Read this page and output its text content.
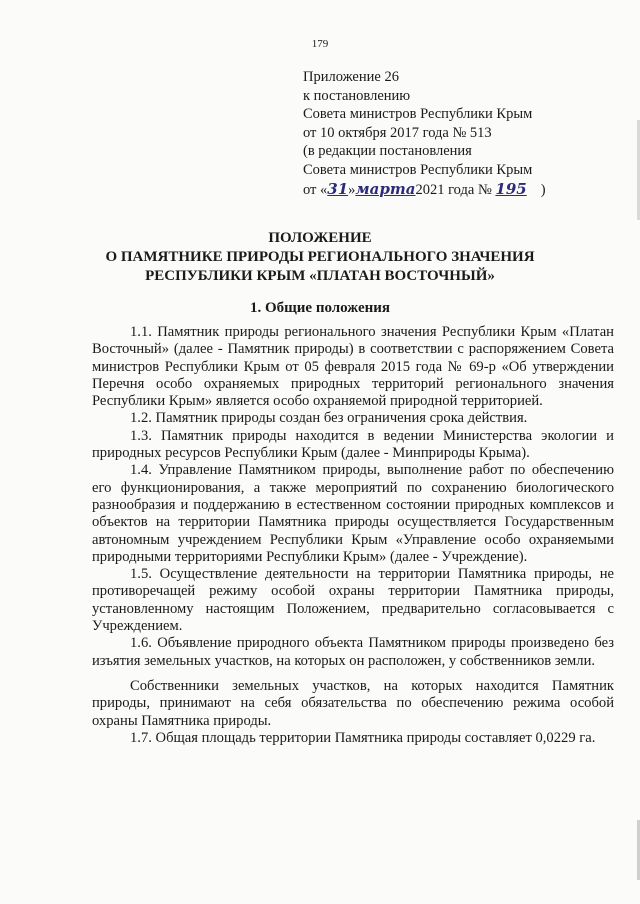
179
Приложение 26
к постановлению
Совета министров Республики Крым
от 10 октября 2017 года № 513
(в редакции постановления
Совета министров Республики Крым
от «31»марта2021 года № 195 )
ПОЛОЖЕНИЕ
О ПАМЯТНИКЕ ПРИРОДЫ РЕГИОНАЛЬНОГО ЗНАЧЕНИЯ
РЕСПУБЛИКИ КРЫМ «ПЛАТАН ВОСТОЧНЫЙ»
1. Общие положения

1.1. Памятник природы регионального значения Республики Крым «Платан Восточный» (далее - Памятник природы) в соответствии с распоряжением Совета министров Республики Крым от 05 февраля 2015 года № 69-р «Об утверждении Перечня особо охраняемых природных территорий регионального значения Республики Крым» является особо охраняемой природной территорией.

1.2. Памятник природы создан без ограничения срока действия.

1.3. Памятник природы находится в ведении Министерства экологии и природных ресурсов Республики Крым (далее - Минприроды Крыма).

1.4. Управление Памятником природы, выполнение работ по обеспечению его функционирования, а также мероприятий по сохранению биологического разнообразия и поддержанию в естественном состоянии природных комплексов и объектов на территории Памятника природы осуществляется Государственным автономным учреждением Республики Крым «Управление особо охраняемыми природными территориями Республики Крым» (далее - Учреждение).

1.5. Осуществление деятельности на территории Памятника природы, не противоречащей режиму особой охраны территории Памятника природы, установленному настоящим Положением, предварительно согласовывается с Учреждением.

1.6. Объявление природного объекта Памятником природы произведено без изъятия земельных участков, на которых он расположен, у собственников земли.

Собственники земельных участков, на которых находится Памятник природы, принимают на себя обязательства по обеспечению режима особой охраны Памятника природы.

1.7. Общая площадь территории Памятника природы составляет 0,0229 га.
